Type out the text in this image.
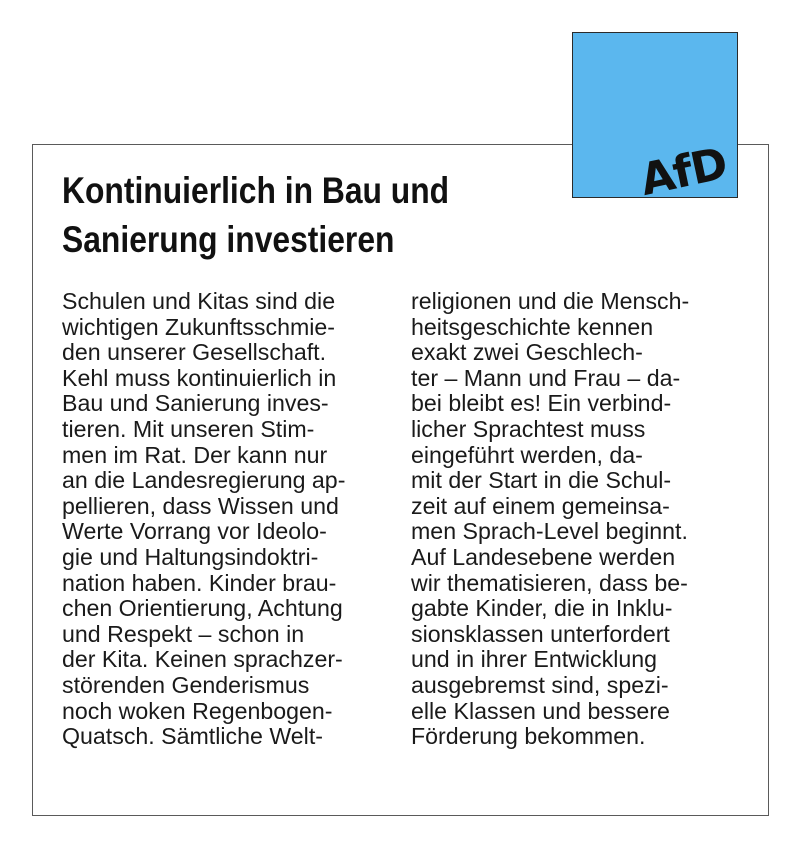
AfD
Kontinuierlich in Bau und
Sanierung investieren
Schulen und Kitas sind die
wichtigen Zukunftsschmie-
den unserer Gesellschaft.
Kehl muss kontinuierlich in
Bau und Sanierung inves-
tieren. Mit unseren Stim-
men im Rat. Der kann nur
an die Landesregierung ap-
pellieren, dass Wissen und
Werte Vorrang vor Ideolo-
gie und Haltungsindoktri-
nation haben. Kinder brau-
chen Orientierung, Achtung
und Respekt – schon in
der Kita. Keinen sprachzer-
störenden Genderismus
noch woken Regenbogen-
Quatsch. Sämtliche Welt-
religionen und die Mensch-
heitsgeschichte kennen
exakt zwei Geschlech-
ter – Mann und Frau – da-
bei bleibt es! Ein verbind-
licher Sprachtest muss
eingeführt werden, da-
mit der Start in die Schul-
zeit auf einem gemeinsa-
men Sprach-Level beginnt.
Auf Landesebene werden
wir thematisieren, dass be-
gabte Kinder, die in Inklu-
sionsklassen unterfordert
und in ihrer Entwicklung
ausgebremst sind, spezi-
elle Klassen und bessere
Förderung bekommen.
